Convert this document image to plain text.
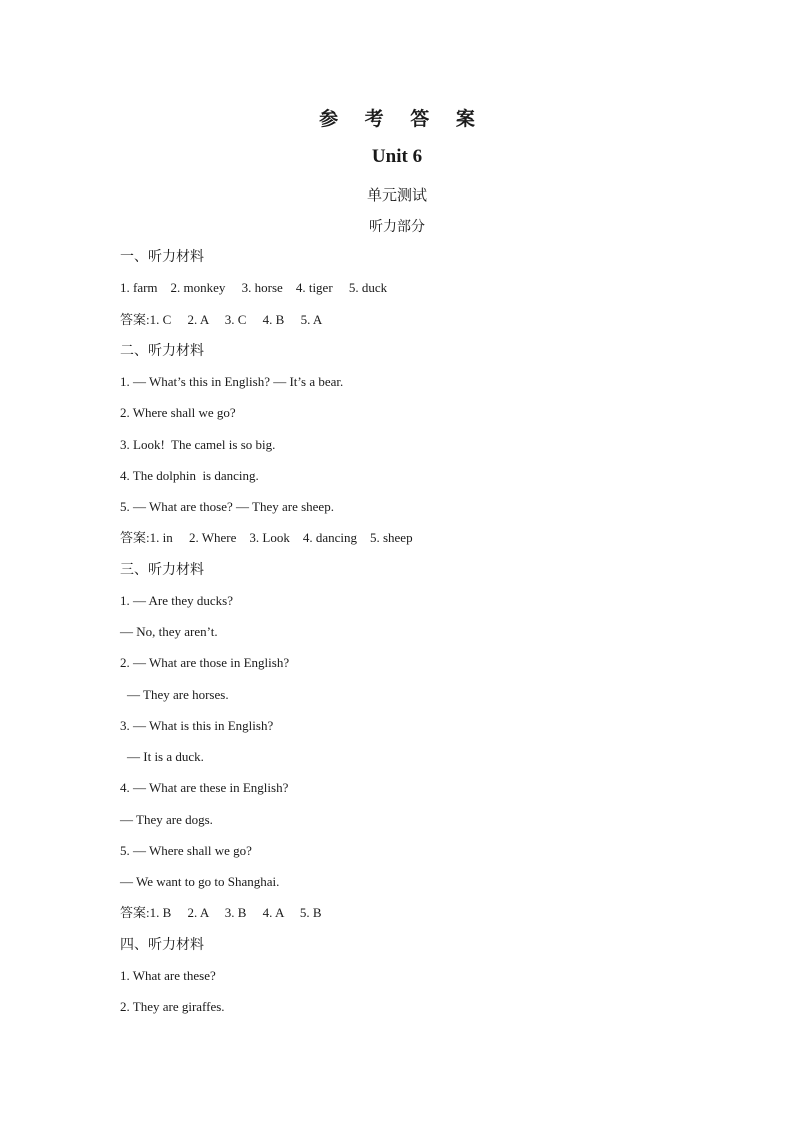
参 考 答 案
Unit 6
单元测试
听力部分
一、听力材料
1. farm    2. monkey     3. horse    4. tiger     5. duck
答案:1. C     2. A     3. C     4. B     5. A
二、听力材料
1. — What’s this in English? — It’s a bear.
2. Where shall we go?
3. Look!  The camel is so big.
4. The dolphin  is dancing.
5. — What are those? — They are sheep.
答案:1. in     2. Where    3. Look    4. dancing    5. sheep
三、听力材料
1. — Are they ducks?
— No, they aren’t.
2. — What are those in English?
— They are horses.
3. — What is this in English?
— It is a duck.
4. — What are these in English?
— They are dogs.
5. — Where shall we go?
— We want to go to Shanghai.
答案:1. B     2. A     3. B     4. A     5. B
四、听力材料
1. What are these?
2. They are giraffes.
